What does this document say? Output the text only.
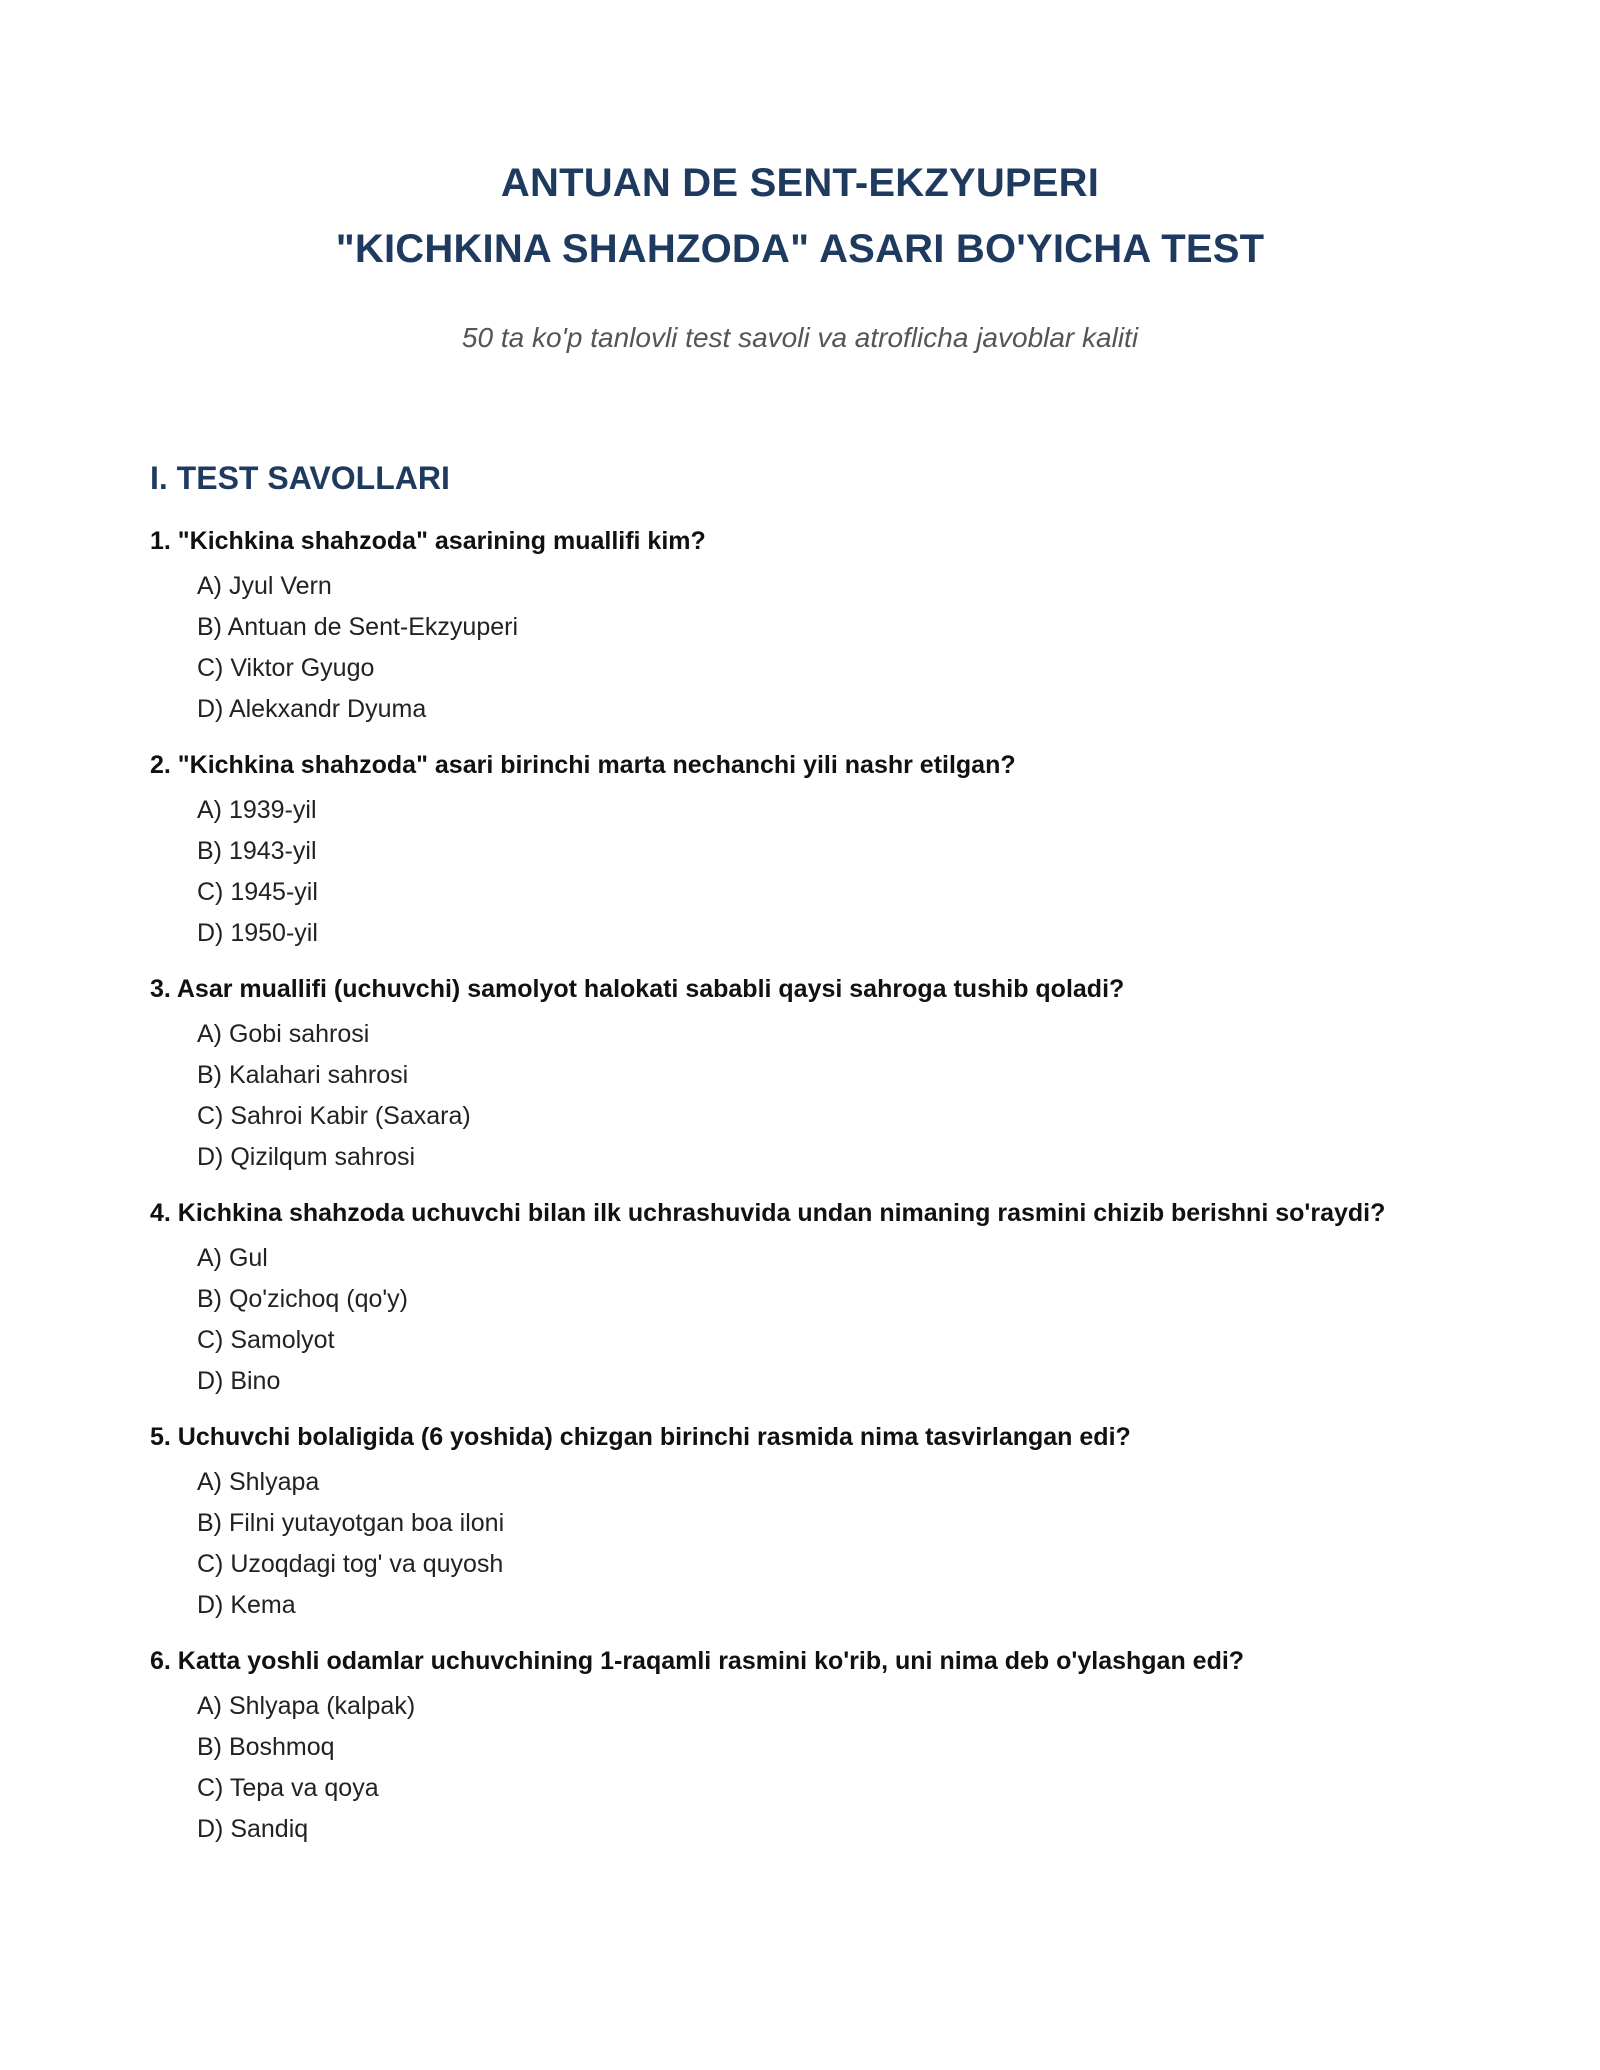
ANTUAN DE SENT-EKZYUPERI
"KICHKINA SHAHZODA" ASARI BO'YICHA TEST
50 ta ko'p tanlovli test savoli va atroflicha javoblar kaliti
I. TEST SAVOLLARI
1. "Kichkina shahzoda" asarining muallifi kim?
A) Jyul Vern
B) Antuan de Sent-Ekzyuperi
C) Viktor Gyugo
D) Alekxandr Dyuma
2. "Kichkina shahzoda" asari birinchi marta nechanchi yili nashr etilgan?
A) 1939-yil
B) 1943-yil
C) 1945-yil
D) 1950-yil
3. Asar muallifi (uchuvchi) samolyot halokati sababli qaysi sahroga tushib qoladi?
A) Gobi sahrosi
B) Kalahari sahrosi
C) Sahroi Kabir (Saxara)
D) Qizilqum sahrosi
4. Kichkina shahzoda uchuvchi bilan ilk uchrashuvida undan nimaning rasmini chizib berishni so'raydi?
A) Gul
B) Qo'zichoq (qo'y)
C) Samolyot
D) Bino
5. Uchuvchi bolaligida (6 yoshida) chizgan birinchi rasmida nima tasvirlangan edi?
A) Shlyapa
B) Filni yutayotgan boa iloni
C) Uzoqdagi tog' va quyosh
D) Kema
6. Katta yoshli odamlar uchuvchining 1-raqamli rasmini ko'rib, uni nima deb o'ylashgan edi?
A) Shlyapa (kalpak)
B) Boshmoq
C) Tepa va qoya
D) Sandiq
